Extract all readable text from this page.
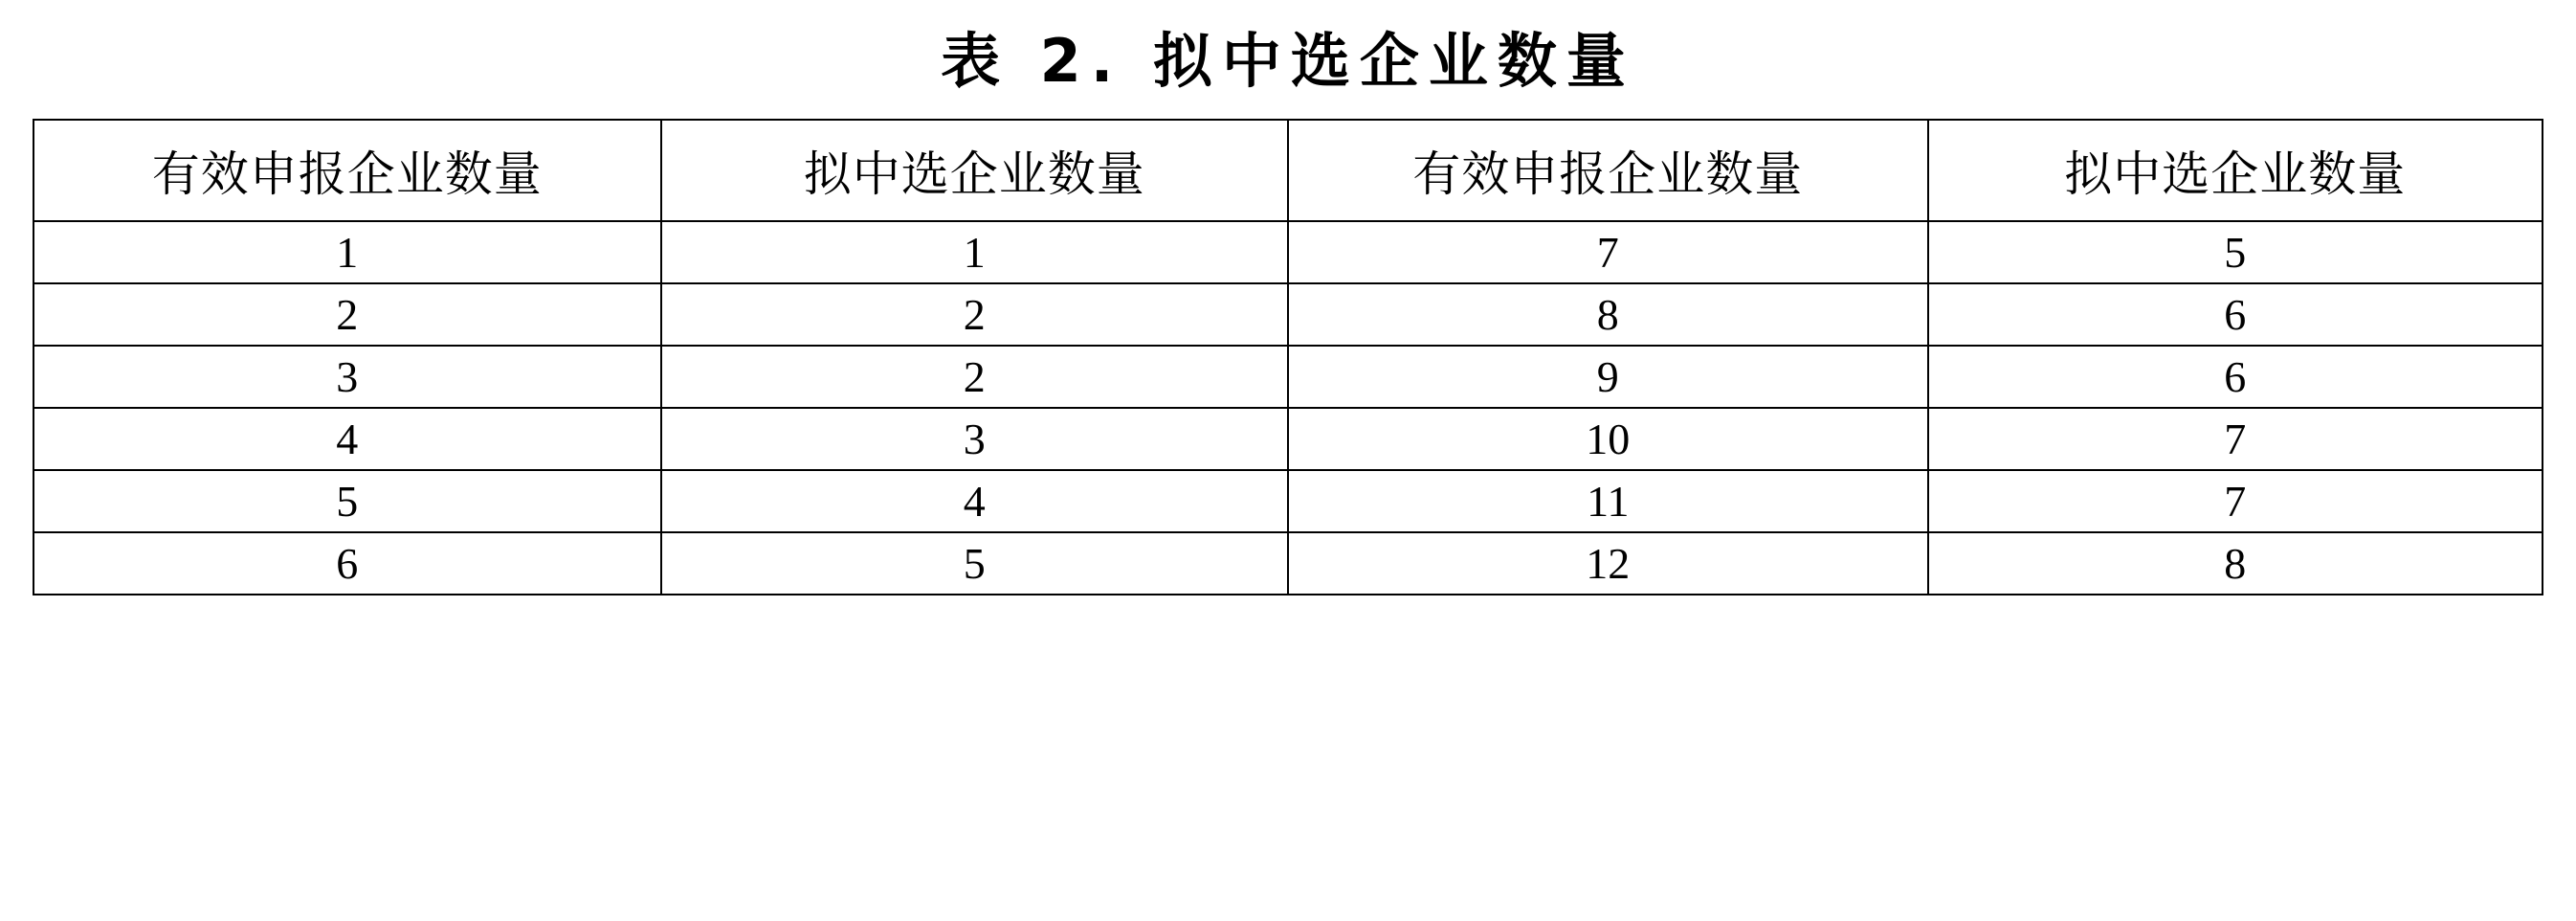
表 2. 拟中选企业数量
有效申报企业数量	拟中选企业数量	有效申报企业数量	拟中选企业数量
1	1	7	5
2	2	8	6
3	2	9	6
4	3	10	7
5	4	11	7
6	5	12	8
